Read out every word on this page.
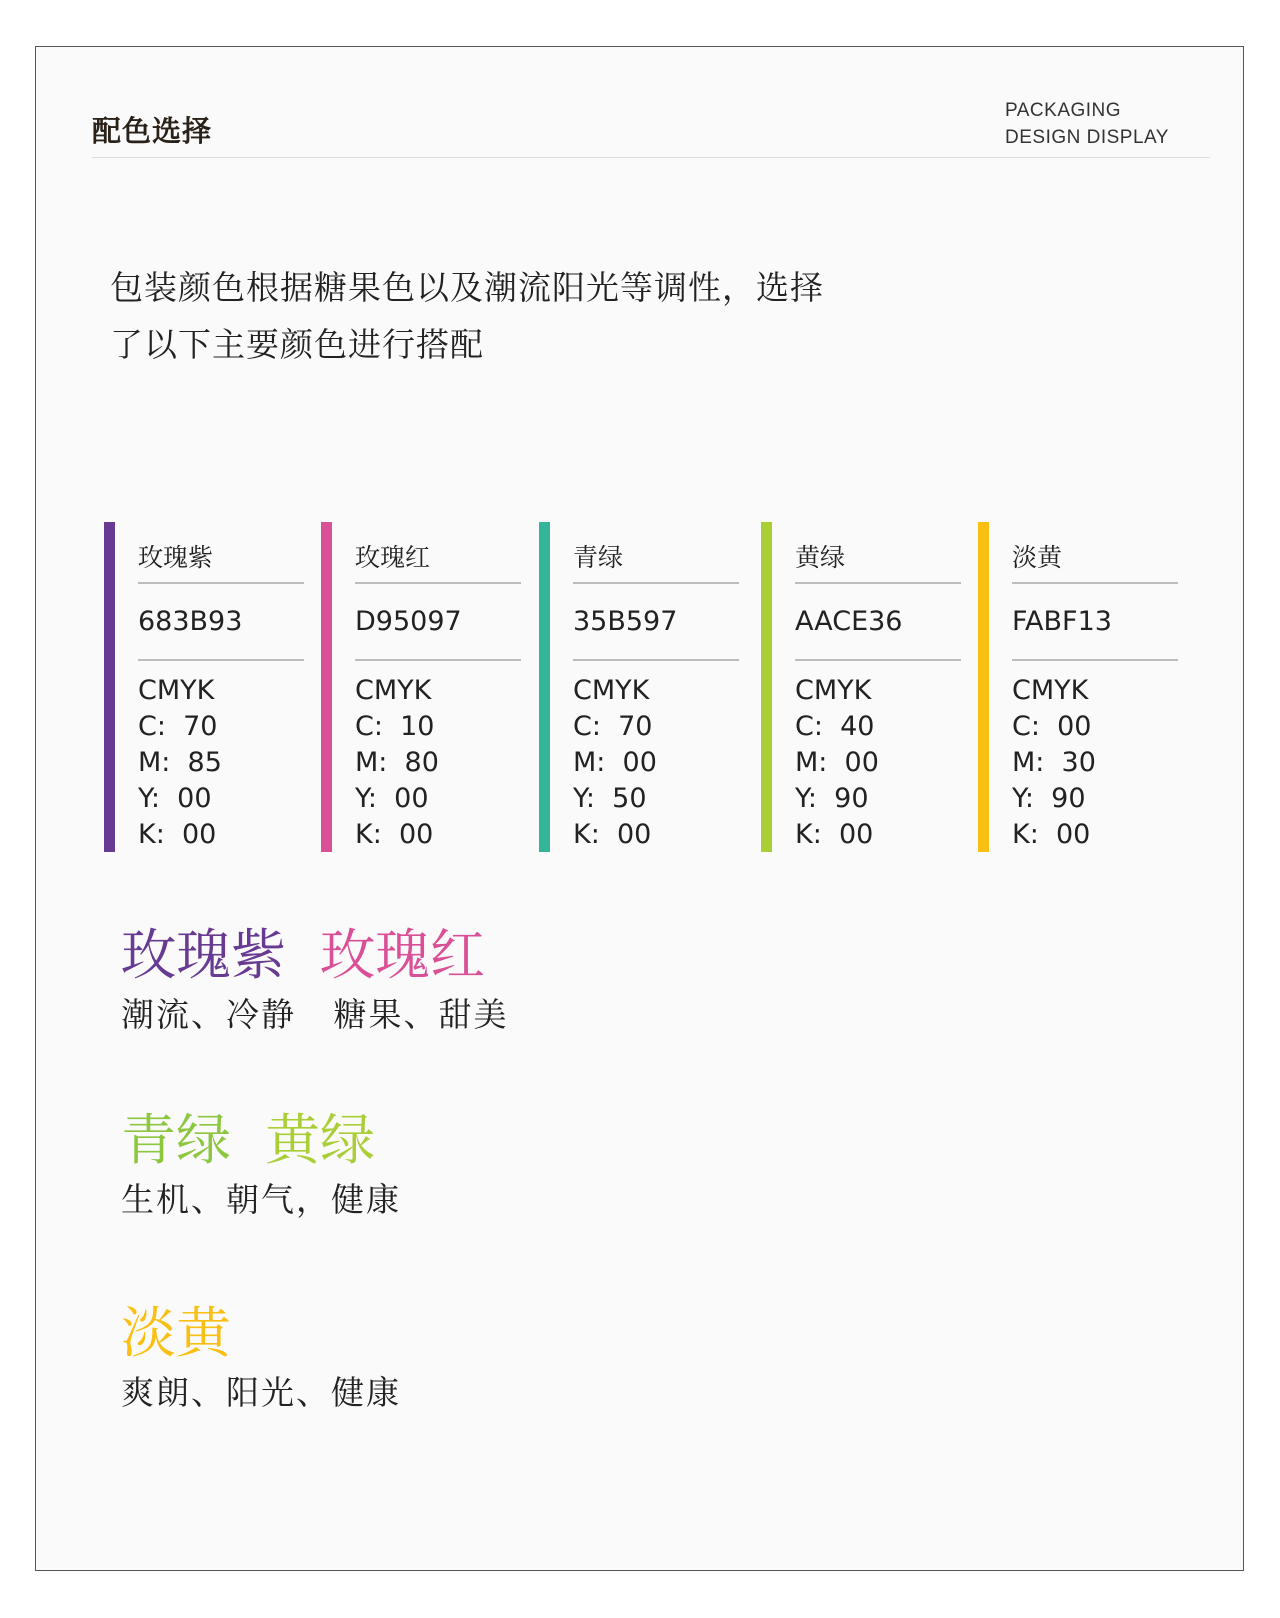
配色选择
PACKAGING
DESIGN DISPLAY
包装颜色根据糖果色以及潮流阳光等调性，选择
了以下主要颜色进行搭配
玫瑰紫
683B93
CMYK
C:  70
M:  85
Y:  00
K:  00
玫瑰红
D95097
CMYK
C:  10
M:  80
Y:  00
K:  00
青绿
35B597
CMYK
C:  70
M:  00
Y:  50
K:  00
黄绿
AACE36
CMYK
C:  40
M:  00
Y:  90
K:  00
淡黄
FABF13
CMYK
C:  00
M:  30
Y:  90
K:  00
玫瑰紫 玫瑰红
潮流、冷静   糖果、甜美
青绿 黄绿
生机、朝气，健康
淡黄
爽朗、阳光、健康
